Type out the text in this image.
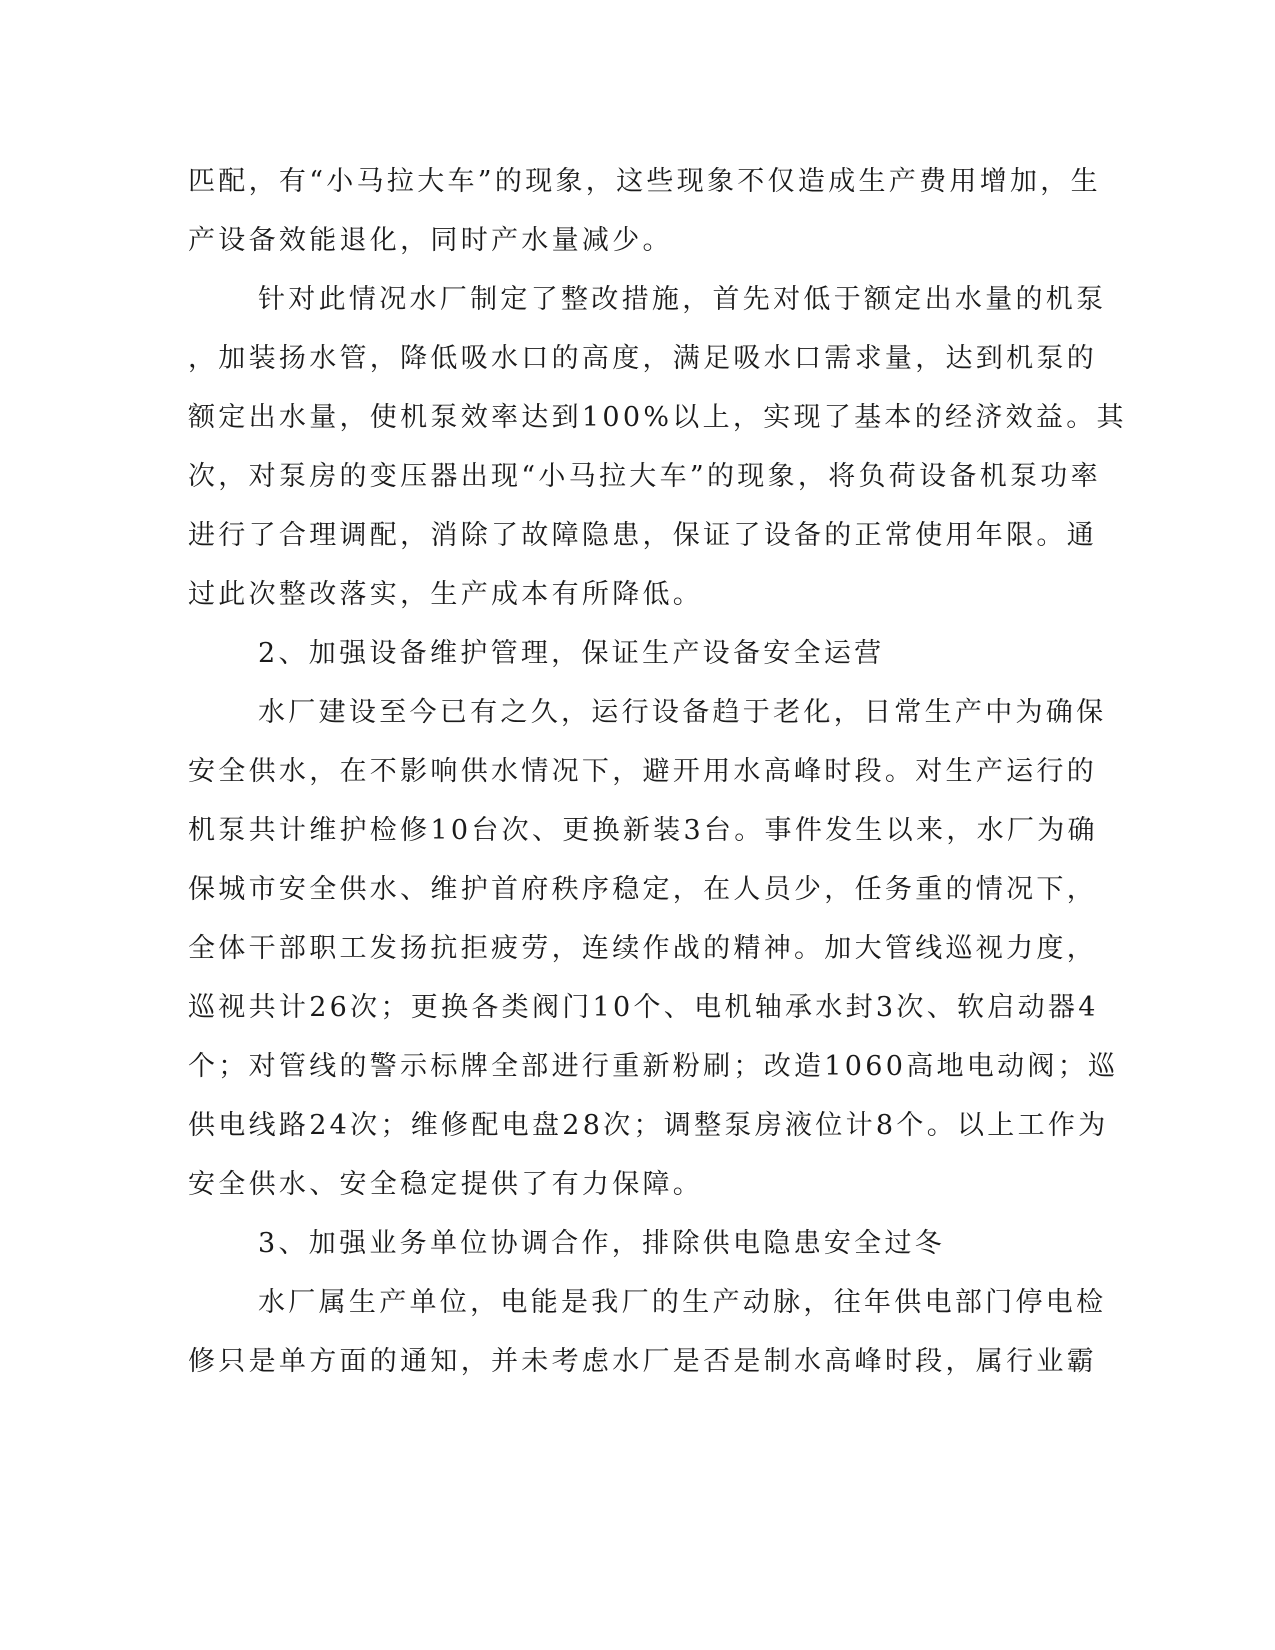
匹配，有“小马拉大车”的现象，这些现象不仅造成生产费用增加，生
产设备效能退化，同时产水量减少。
针对此情况水厂制定了整改措施，首先对低于额定出水量的机泵
，加装扬水管，降低吸水口的高度，满足吸水口需求量，达到机泵的
额定出水量，使机泵效率达到100%以上，实现了基本的经济效益。其
次，对泵房的变压器出现“小马拉大车”的现象，将负荷设备机泵功率
进行了合理调配，消除了故障隐患，保证了设备的正常使用年限。通
过此次整改落实，生产成本有所降低。
2、加强设备维护管理，保证生产设备安全运营
水厂建设至今已有之久，运行设备趋于老化，日常生产中为确保
安全供水，在不影响供水情况下，避开用水高峰时段。对生产运行的
机泵共计维护检修10台次、更换新装3台。事件发生以来，水厂为确
保城市安全供水、维护首府秩序稳定，在人员少，任务重的情况下，
全体干部职工发扬抗拒疲劳，连续作战的精神。加大管线巡视力度，
巡视共计26次；更换各类阀门10个、电机轴承水封3次、软启动器4
个；对管线的警示标牌全部进行重新粉刷；改造1060高地电动阀；巡
供电线路24次；维修配电盘28次；调整泵房液位计8个。以上工作为
安全供水、安全稳定提供了有力保障。
3、加强业务单位协调合作，排除供电隐患安全过冬
水厂属生产单位，电能是我厂的生产动脉，往年供电部门停电检
修只是单方面的通知，并未考虑水厂是否是制水高峰时段，属行业霸
